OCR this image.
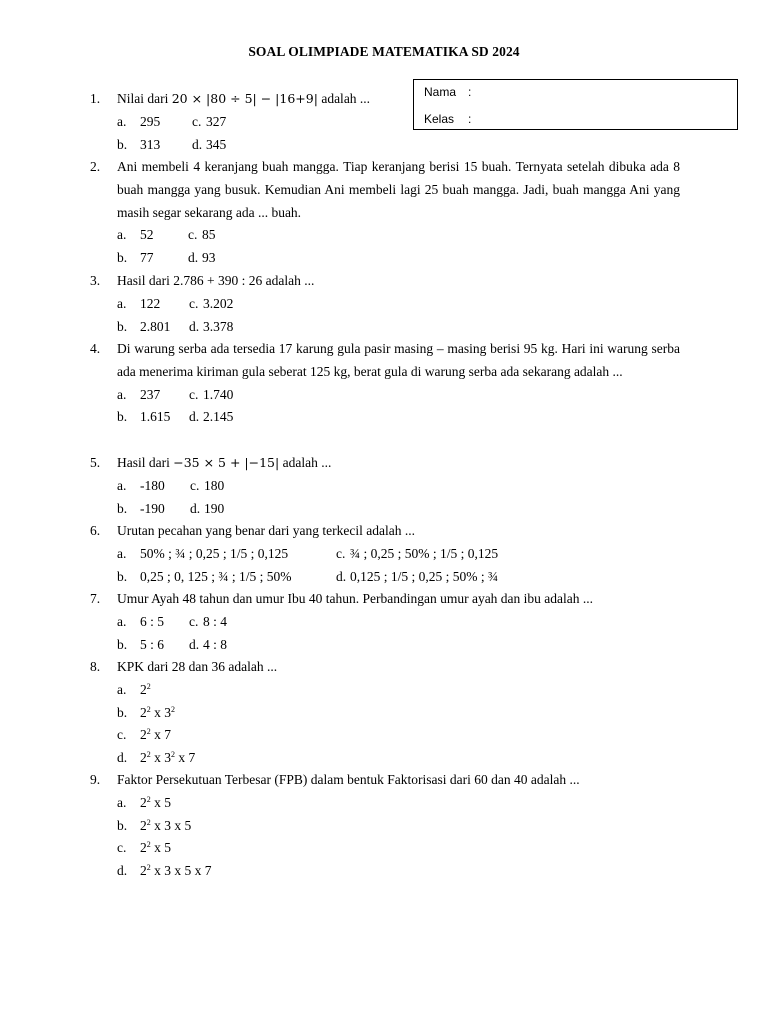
SOAL OLIMPIADE MATEMATIKA SD 2024
Nama :
Kelas :
1.	Nilai dari 20 × |80 ÷ 5| − |16+9| adalah ...
a. 295 c. 327
b. 313 d. 345
2.	Ani membeli 4 keranjang buah mangga. Tiap keranjang berisi 15 buah. Ternyata setelah dibuka ada 8 buah mangga yang busuk. Kemudian Ani membeli lagi 25 buah mangga. Jadi, buah mangga Ani yang masih segar sekarang ada ... buah.
a. 52	c. 85
b. 77	d. 93
3.	Hasil dari 2.786 + 390 : 26 adalah ...
a. 122 c. 3.202
b. 2.801 d. 3.378
4.	Di warung serba ada tersedia 17 karung gula pasir masing – masing berisi 95 kg. Hari ini warung serba ada menerima kiriman gula seberat 125 kg, berat gula di warung serba ada sekarang adalah ...
a. 237 c. 1.740
b. 1.615 d. 2.145
5.	Hasil dari −35 × 5 + |−15| adalah ...
a. -180 c. 180
b. -190 d. 190
6.	Urutan pecahan yang benar dari yang terkecil adalah ...
a. 50% ; ¾ ; 0,25 ; 1/5 ; 0,125	c. ¾ ; 0,25 ; 50% ; 1/5 ; 0,125
b. 0,25 ; 0, 125 ; ¾ ; 1/5 ; 50%	d. 0,125 ; 1/5 ; 0,25 ; 50% ; ¾
7.	Umur Ayah 48 tahun dan umur Ibu 40 tahun. Perbandingan umur ayah dan ibu adalah ...
a. 6 : 5 c. 8 : 4
b. 5 : 6 d. 4 : 8
8.	KPK dari 28 dan 36 adalah ...
a. $2^2$
b. $2^2$ x $3^2$
c. $2^2$ x 7
d. $2^2$ x $3^2$ x 7
9.	Faktor Persekutuan Terbesar (FPB) dalam bentuk Faktorisasi dari 60 dan 40 adalah ...
a. $2^2$ x 5
b. $2^2$ x 3 x 5
c. $2^2$ x 5
d. $2^2$ x 3 x 5 x 7
